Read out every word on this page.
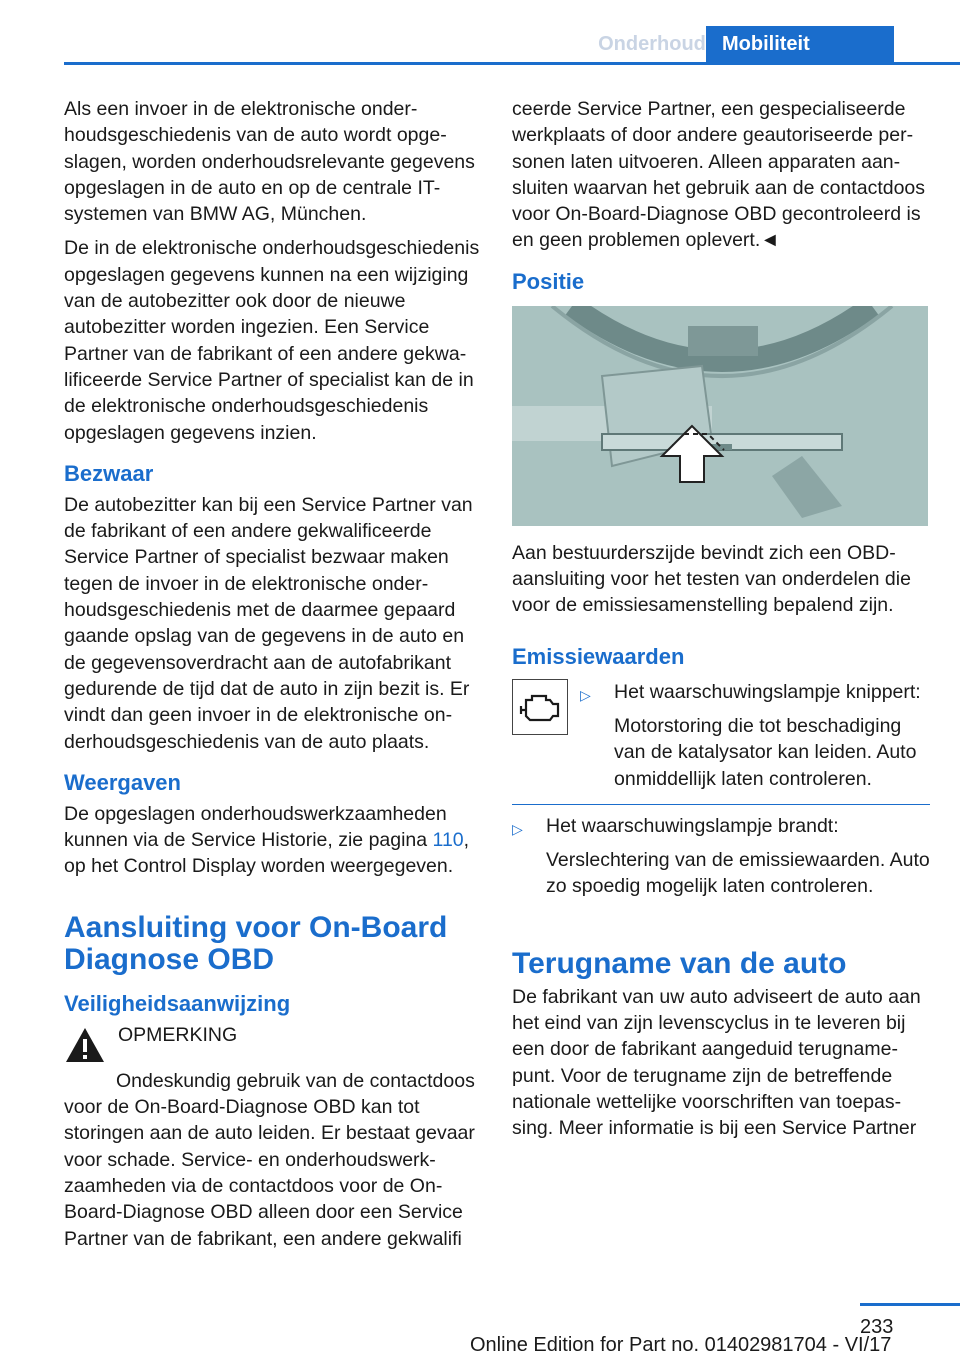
Onderhoud Mobiliteit

Als een invoer in de elektronische onderhoudsgeschiedenis van de auto wordt opgeslagen, worden onderhoudsrelevante gegevens opgeslagen in de auto en op de centrale IT-systemen van BMW AG, München.

De in de elektronische onderhoudsgeschiedenis opgeslagen gegevens kunnen na een wijziging van de autobezitter ook door de nieuwe autobezitter worden ingezien. Een Service Partner van de fabrikant of een andere gekwalificeerde Service Partner of specialist kan de in de elektronische onderhoudsgeschiedenis opgeslagen gegevens inzien.

Bezwaar

De autobezitter kan bij een Service Partner van de fabrikant of een andere gekwalificeerde Service Partner of specialist bezwaar maken tegen de invoer in de elektronische onderhoudsgeschiedenis met de daarmee gepaard gaande opslag van de gegevens in de auto en de gegevensoverdracht aan de autofabrikant gedurende de tijd dat de auto in zijn bezit is. Er vindt dan geen invoer in de elektronische onderhoudsgeschiedenis van de auto plaats.

Weergaven

De opgeslagen onderhoudswerkzaamheden kunnen via de Service Historie, zie pagina 110, op het Control Display worden weergegeven.

Aansluiting voor On-Board Diagnose OBD
Veiligheidsaanwijzing
OPMERKING

Ondeskundig gebruik van de contactdoos voor de On-Board-Diagnose OBD kan tot storingen aan de auto leiden. Er bestaat gevaar voor schade. Service- en onderhoudswerkzaamheden via de contactdoos voor de On-Board-Diagnose OBD alleen door een Service Partner van de fabrikant, een andere gekwalifi

ceerde Service Partner, een gespecialiseerde werkplaats of door andere geautoriseerde personen laten uitvoeren. Alleen apparaten aansluiten waarvan het gebruik aan de contactdoos voor On-Board-Diagnose OBD gecontroleerd is en geen problemen oplevert.◄

Positie

Aan bestuurderszijde bevindt zich een OBD-aansluiting voor het testen van onderdelen die voor de emissiesamenstelling bepalend zijn.

Emissiewaarden
▷	Het waarschuwingslampje knippert:
Motorstoring die tot beschadiging van de katalysator kan leiden. Auto onmiddellijk laten controleren.
▷	Het waarschuwingslampje brandt:
Verslechtering van de emissiewaarden. Auto zo spoedig mogelijk laten controleren.
Terugname van de auto

De fabrikant van uw auto adviseert de auto aan het eind van zijn levenscyclus in te leveren bij een door de fabrikant aangeduid terugnamepunt. Voor de terugname zijn de betreffende nationale wettelijke voorschriften van toepassing. Meer informatie is bij een Service Partner

233
Online Edition for Part no. 01402981704 - VI/17
